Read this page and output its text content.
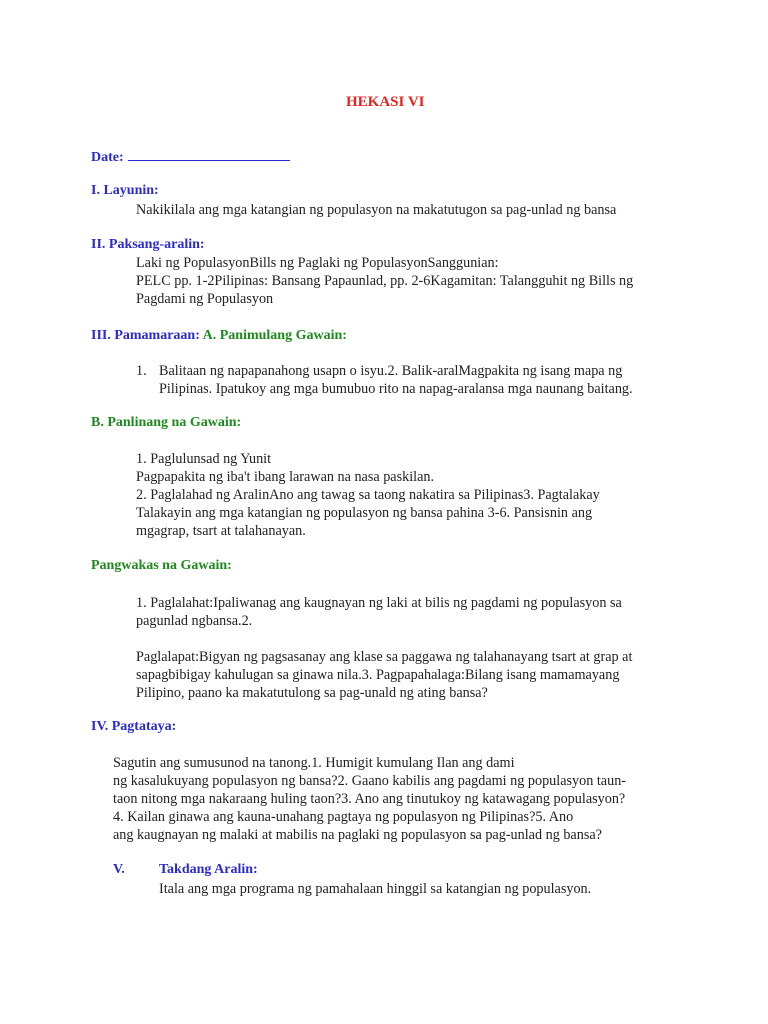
HEKASI VI
Date:
I. Layunin:
Nakikilala ang mga katangian ng populasyon na makatutugon sa pag-unlad ng bansa
II. Paksang-aralin:
Laki ng PopulasyonBills ng Paglaki ng PopulasyonSanggunian:
PELC pp. 1-2Pilipinas: Bansang Papaunlad, pp. 2-6Kagamitan: Talangguhit ng Bills ng
Pagdami ng Populasyon
III. Pamamaraan: A. Panimulang Gawain:
1. Balitaan ng napapanahong usapn o isyu.2. Balik-aralMagpakita ng isang mapa ng
Pilipinas. Ipatukoy ang mga bumubuo rito na napag-aralansa mga naunang baitang.
B. Panlinang na Gawain:
1. Paglulunsad ng Yunit
Pagpapakita ng iba't ibang larawan na nasa paskilan.
2. Paglalahad ng AralinAno ang tawag sa taong nakatira sa Pilipinas3. Pagtalakay
Talakayin ang mga katangian ng populasyon ng bansa pahina 3-6. Pansisnin ang
mgagrap, tsart at talahanayan.
Pangwakas na Gawain:
1. Paglalahat:Ipaliwanag ang kaugnayan ng laki at bilis ng pagdami ng populasyon sa
pagunlad ngbansa.2.
Paglalapat:Bigyan ng pagsasanay ang klase sa paggawa ng talahanayang tsart at grap at
sapagbibigay kahulugan sa ginawa nila.3. Pagpapahalaga:Bilang isang mamamayang
Pilipino, paano ka makatutulong sa pag-unald ng ating bansa?
IV. Pagtataya:
Sagutin ang sumusunod na tanong.1. Humigit kumulang Ilan ang dami
ng kasalukuyang populasyon ng bansa?2. Gaano kabilis ang pagdami ng populasyon taun-
taon nitong mga nakaraang huling taon?3. Ano ang tinutukoy ng katawagang populasyon?
4. Kailan ginawa ang kauna-unahang pagtaya ng populasyon ng Pilipinas?5. Ano
ang kaugnayan ng malaki at mabilis na paglaki ng populasyon sa pag-unlad ng bansa?
V. Takdang Aralin:
Itala ang mga programa ng pamahalaan hinggil sa katangian ng populasyon.
